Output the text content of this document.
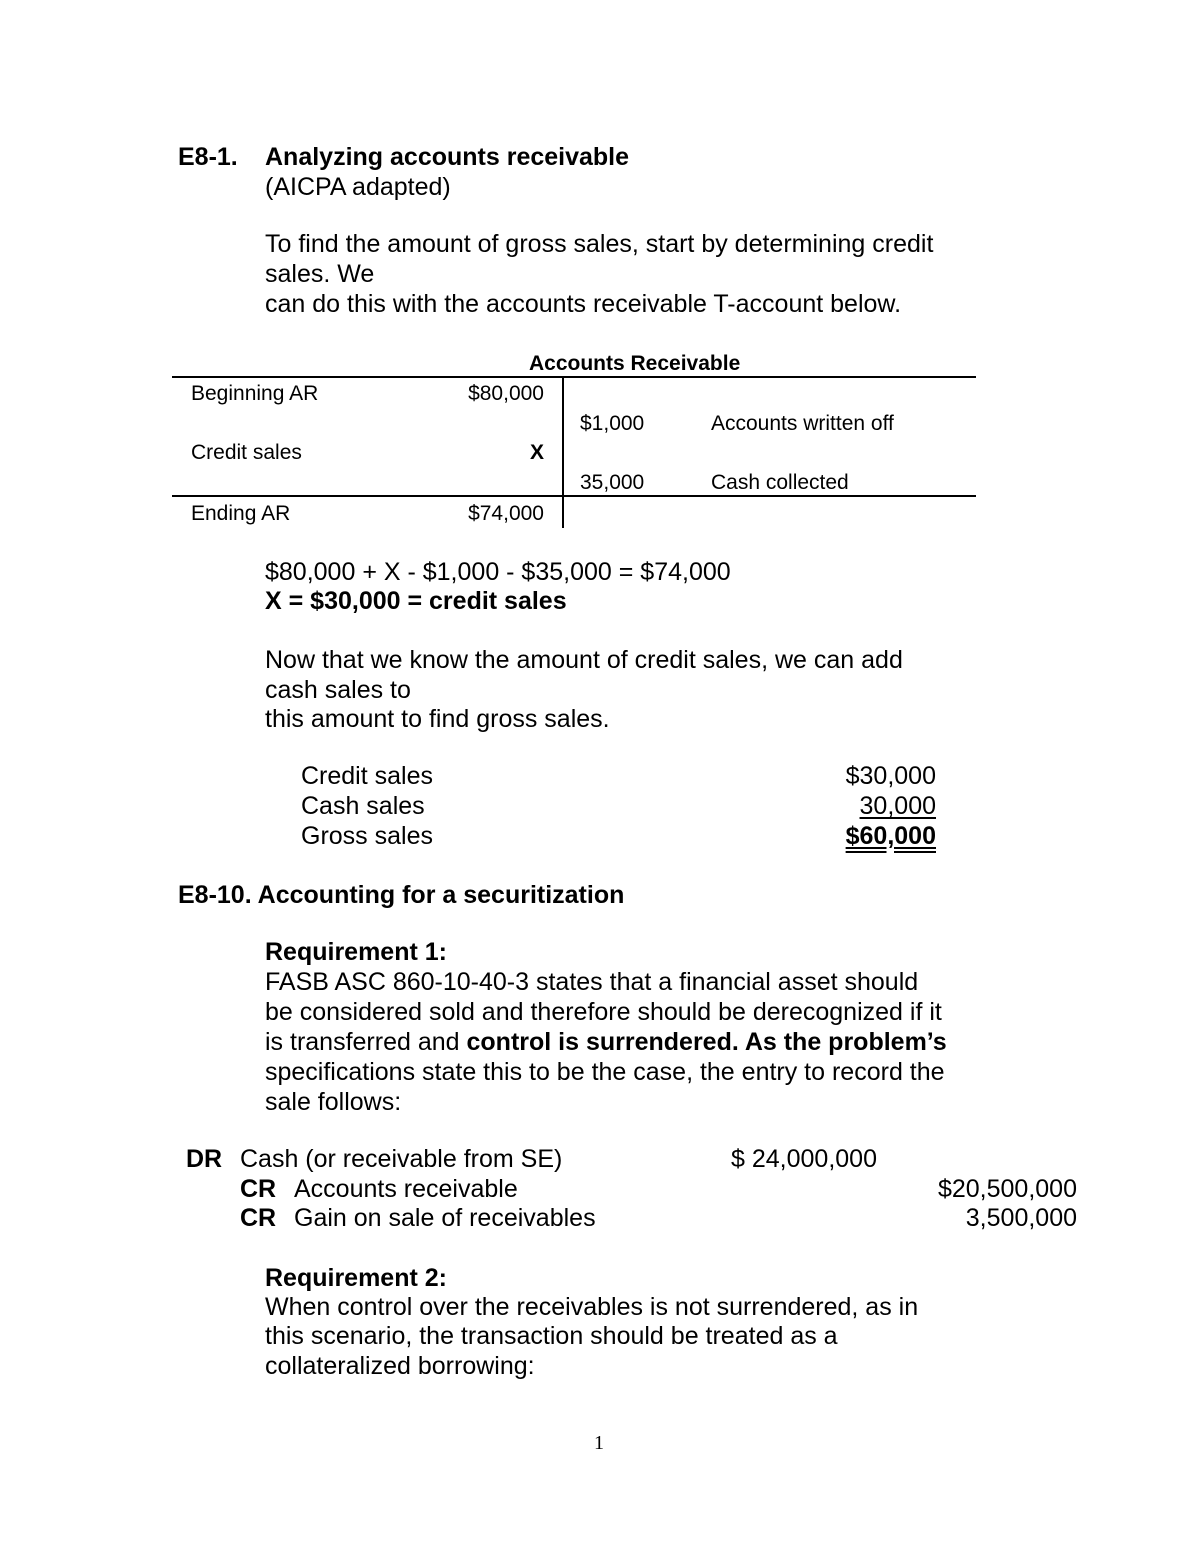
E8-1. Analyzing accounts receivable
(AICPA adapted)
To find the amount of gross sales, start by determining credit
sales. We
can do this with the accounts receivable T-account below.
Accounts Receivable
Beginning AR	$80,000
$1,000	Accounts written off
Credit sales	X
35,000	Cash collected
Ending AR	$74,000
$80,000 + X - $1,000 - $35,000 = $74,000
X = $30,000 = credit sales
Now that we know the amount of credit sales, we can add
cash sales to
this amount to find gross sales.
Credit sales	$30,000
Cash sales	30,000
Gross sales	$60,000
E8-10. Accounting for a securitization
Requirement 1:
FASB ASC 860-10-40-3 states that a financial asset should
be considered sold and therefore should be derecognized if it
is transferred and control is surrendered. As the problem’s
specifications state this to be the case, the entry to record the
sale follows:
DR Cash (or receivable from SE)	$ 24,000,000
CR Accounts receivable	$20,500,000
CR Gain on sale of receivables	3,500,000
Requirement 2:
When control over the receivables is not surrendered, as in
this scenario, the transaction should be treated as a
collateralized borrowing:
1
